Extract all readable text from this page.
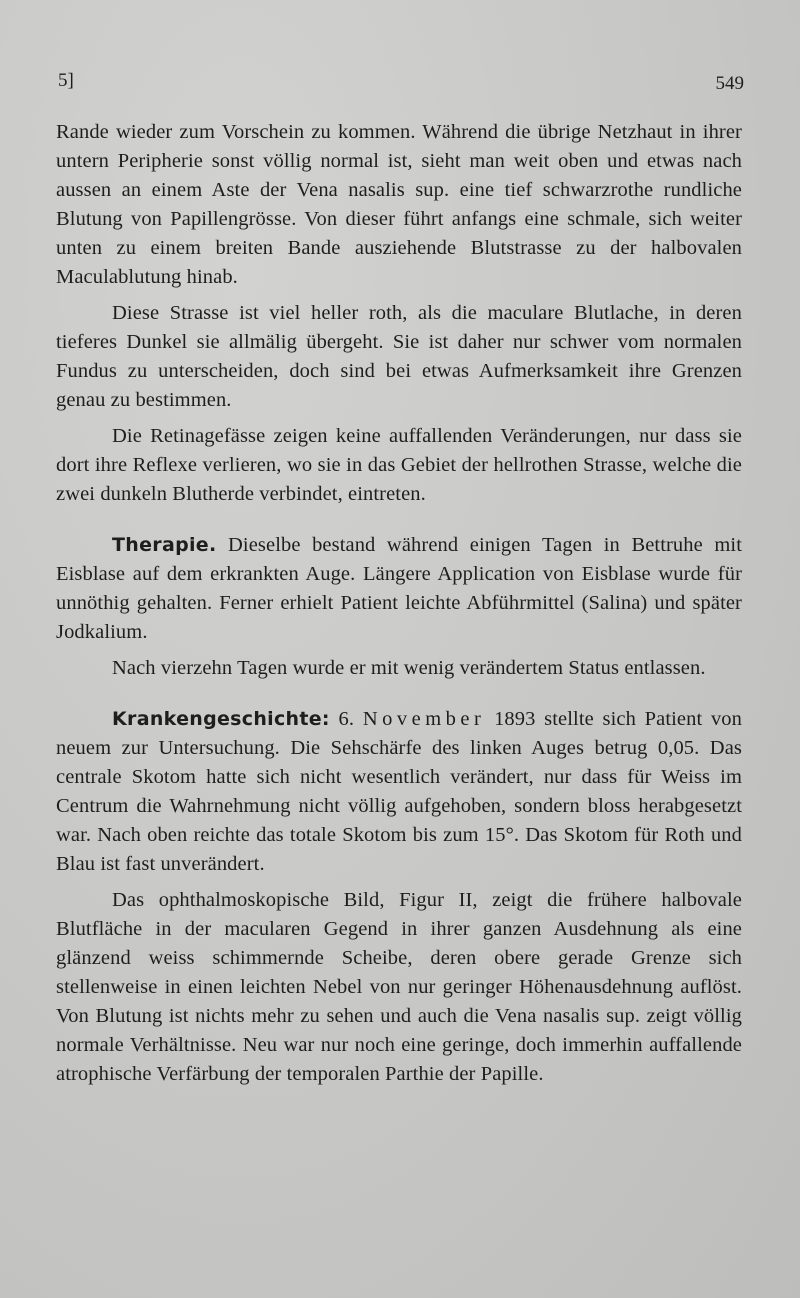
5]	549

Rande wieder zum Vorschein zu kommen. Während die übrige Netzhaut in ihrer untern Peripherie sonst völlig normal ist, sieht man weit oben und etwas nach aussen an einem Aste der Vena nasalis sup. eine tief schwarzrothe rundliche Blutung von Papillengrösse. Von dieser führt anfangs eine schmale, sich weiter unten zu einem breiten Bande ausziehende Blutstrasse zu der halbovalen Maculablutung hinab.

Diese Strasse ist viel heller roth, als die maculare Blutlache, in deren tieferes Dunkel sie allmälig übergeht. Sie ist daher nur schwer vom normalen Fundus zu unterscheiden, doch sind bei etwas Aufmerksamkeit ihre Grenzen genau zu bestimmen.

Die Retinagefässe zeigen keine auffallenden Veränderungen, nur dass sie dort ihre Reflexe verlieren, wo sie in das Gebiet der hellrothen Strasse, welche die zwei dunkeln Blutherde verbindet, eintreten.

Therapie. Dieselbe bestand während einigen Tagen in Bettruhe mit Eisblase auf dem erkrankten Auge. Längere Application von Eisblase wurde für unnöthig gehalten. Ferner erhielt Patient leichte Abführmittel (Salina) und später Jodkalium.

Nach vierzehn Tagen wurde er mit wenig verändertem Status entlassen.

Krankengeschichte: 6. November 1893 stellte sich Patient von neuem zur Untersuchung. Die Sehschärfe des linken Auges betrug 0,05. Das centrale Skotom hatte sich nicht wesentlich verändert, nur dass für Weiss im Centrum die Wahrnehmung nicht völlig aufgehoben, sondern bloss herabgesetzt war. Nach oben reichte das totale Skotom bis zum 15°. Das Skotom für Roth und Blau ist fast unverändert.

Das ophthalmoskopische Bild, Figur II, zeigt die frühere halbovale Blutfläche in der macularen Gegend in ihrer ganzen Ausdehnung als eine glänzend weiss schimmernde Scheibe, deren obere gerade Grenze sich stellenweise in einen leichten Nebel von nur geringer Höhenausdehnung auflöst. Von Blutung ist nichts mehr zu sehen und auch die Vena nasalis sup. zeigt völlig normale Verhältnisse. Neu war nur noch eine geringe, doch immerhin auffallende atrophische Verfärbung der temporalen Parthie der Papille.
